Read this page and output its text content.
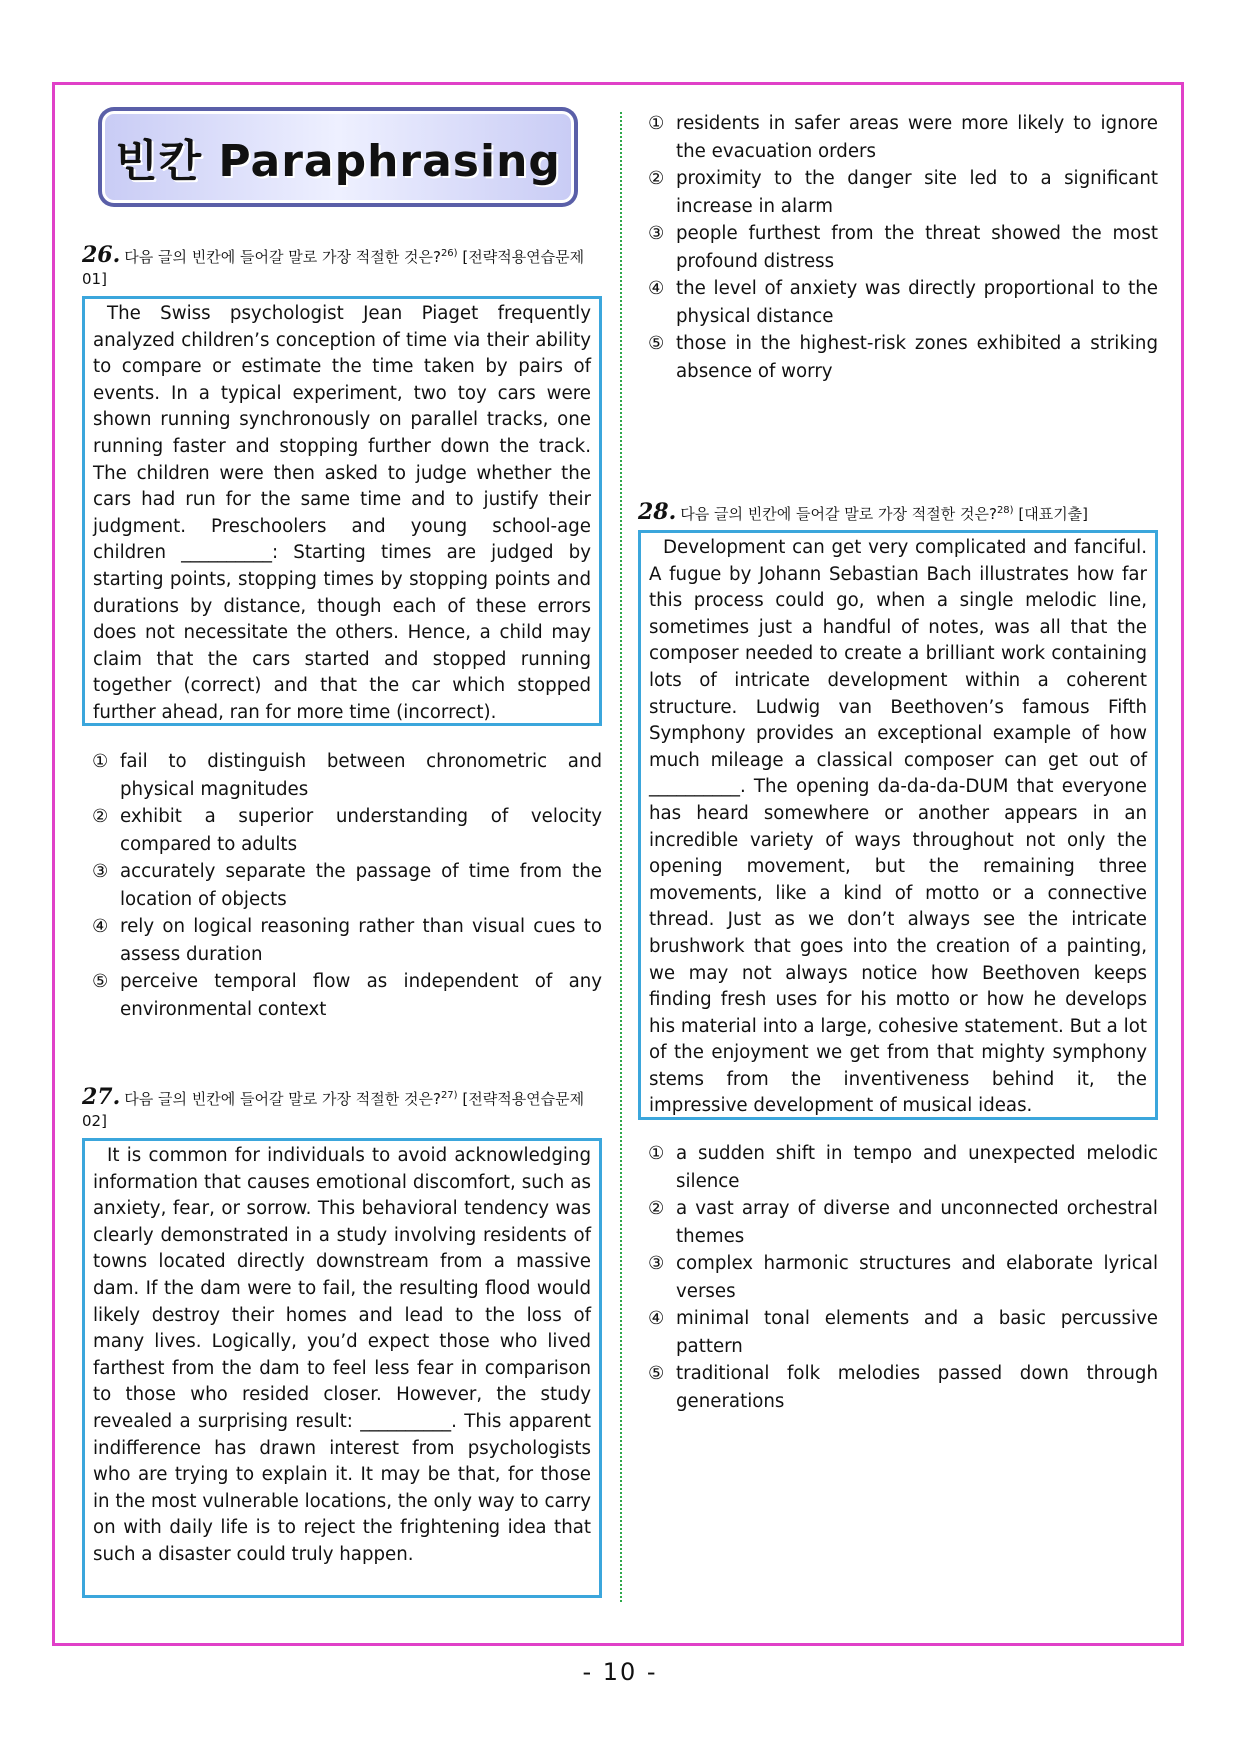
빈칸 Paraphrasing
26. 다음 글의 빈칸에 들어갈 말로 가장 적절한 것은?$^{26)}$ [전략적용연습문제01]
The Swiss psychologist Jean Piaget frequently analyzed children’s conception of time via their ability to compare or estimate the time taken by pairs of events. In a typical experiment, two toy cars were shown running synchronously on parallel tracks, one running faster and stopping further down the track. The children were then asked to judge whether the cars had run for the same time and to justify their judgment. Preschoolers and young school-age children __________: Starting times are judged by starting points, stopping times by stopping points and durations by distance, though each of these errors does not necessitate the others. Hence, a child may claim that the cars started and stopped running together (correct) and that the car which stopped further ahead, ran for more time (incorrect).
① fail to distinguish between chronometric and physical magnitudes
② exhibit a superior understanding of velocity compared to adults
③ accurately separate the passage of time from the location of objects
④ rely on logical reasoning rather than visual cues to assess duration
⑤ perceive temporal flow as independent of any environmental context
27. 다음 글의 빈칸에 들어갈 말로 가장 적절한 것은?$^{27)}$ [전략적용연습문제02]
It is common for individuals to avoid acknowledging information that causes emotional discomfort, such as anxiety, fear, or sorrow. This behavioral tendency was clearly demonstrated in a study involving residents of towns located directly downstream from a massive dam. If the dam were to fail, the resulting flood would likely destroy their homes and lead to the loss of many lives. Logically, you’d expect those who lived farthest from the dam to feel less fear in comparison to those who resided closer. However, the study revealed a surprising result: __________. This apparent indifference has drawn interest from psychologists who are trying to explain it. It may be that, for those in the most vulnerable locations, the only way to carry on with daily life is to reject the frightening idea that such a disaster could truly happen.
① residents in safer areas were more likely to ignore the evacuation orders
② proximity to the danger site led to a significant increase in alarm
③ people furthest from the threat showed the most profound distress
④ the level of anxiety was directly proportional to the physical distance
⑤ those in the highest-risk zones exhibited a striking absence of worry
28. 다음 글의 빈칸에 들어갈 말로 가장 적절한 것은?$^{28)}$ [대표기출]
Development can get very complicated and fanciful. A fugue by Johann Sebastian Bach illustrates how far this process could go, when a single melodic line, sometimes just a handful of notes, was all that the composer needed to create a brilliant work containing lots of intricate development within a coherent structure. Ludwig van Beethoven’s famous Fifth Symphony provides an exceptional example of how much mileage a classical composer can get out of __________. The opening da-da-da-DUM that everyone has heard somewhere or another appears in an incredible variety of ways throughout not only the opening movement, but the remaining three movements, like a kind of motto or a connective thread. Just as we don’t always see the intricate brushwork that goes into the creation of a painting, we may not always notice how Beethoven keeps finding fresh uses for his motto or how he develops his material into a large, cohesive statement. But a lot of the enjoyment we get from that mighty symphony stems from the inventiveness behind it, the impressive development of musical ideas.
① a sudden shift in tempo and unexpected melodic silence
② a vast array of diverse and unconnected orchestral themes
③ complex harmonic structures and elaborate lyrical verses
④ minimal tonal elements and a basic percussive pattern
⑤ traditional folk melodies passed down through generations
- 10 -
